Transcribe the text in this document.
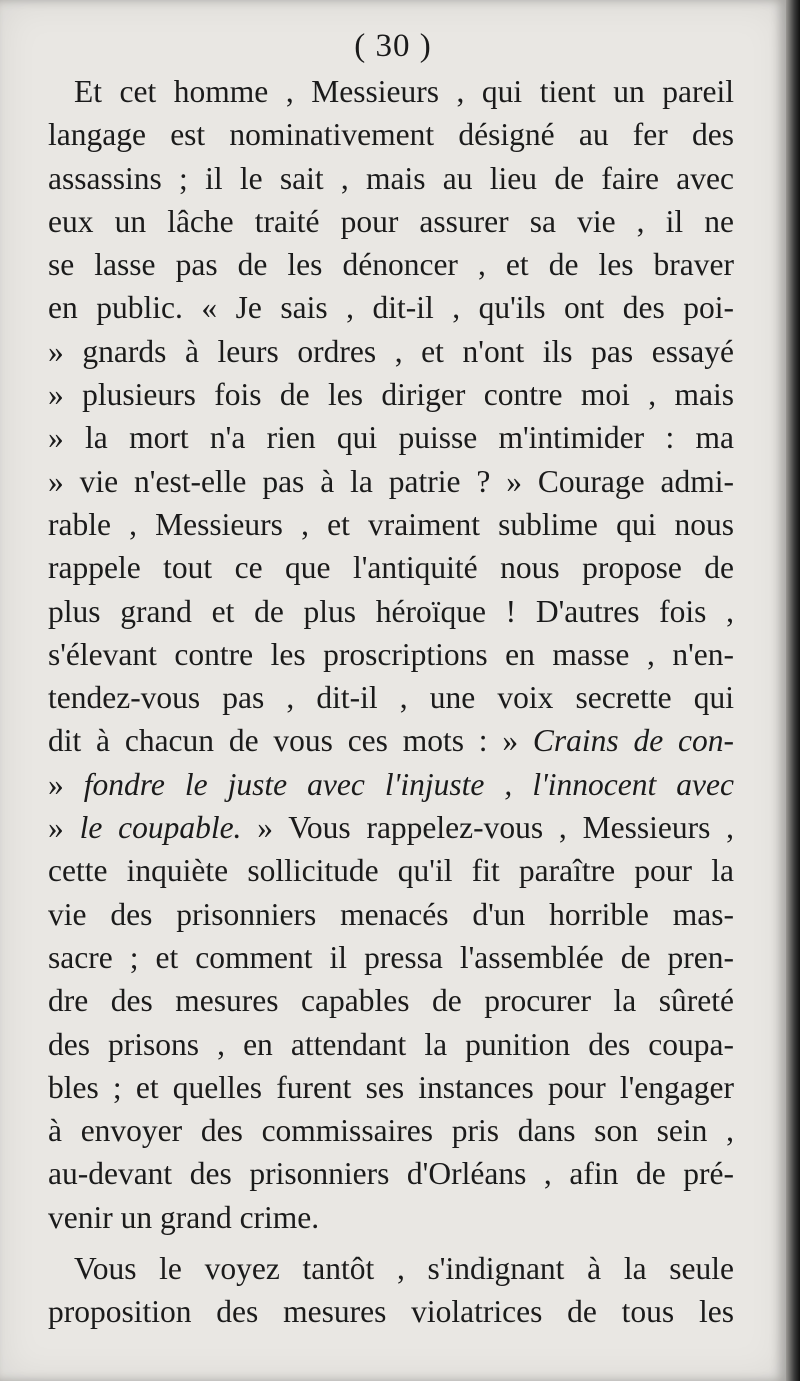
( 30 )
Et cet homme , Messieurs , qui tient un pareil
langage est nominativement désigné au fer des
assassins ; il le sait , mais au lieu de faire avec
eux un lâche traité pour assurer sa vie , il ne
se lasse pas de les dénoncer , et de les braver
en public. « Je sais , dit-il , qu'ils ont des poi-
» gnards à leurs ordres , et n'ont ils pas essayé
» plusieurs fois de les diriger contre moi , mais
» la mort n'a rien qui puisse m'intimider : ma
» vie n'est-elle pas à la patrie ? » Courage admi-
rable , Messieurs , et vraiment sublime qui nous
rappele tout ce que l'antiquité nous propose de
plus grand et de plus héroïque ! D'autres fois ,
s'élevant contre les proscriptions en masse , n'en-
tendez-vous pas , dit-il , une voix secrette qui
dit à chacun de vous ces mots : » Crains de con-
» fondre le juste avec l'injuste , l'innocent avec
» le coupable. » Vous rappelez-vous , Messieurs ,
cette inquiète sollicitude qu'il fit paraître pour la
vie des prisonniers menacés d'un horrible mas-
sacre ; et comment il pressa l'assemblée de pren-
dre des mesures capables de procurer la sûreté
des prisons , en attendant la punition des coupa-
bles ; et quelles furent ses instances pour l'engager
à envoyer des commissaires pris dans son sein ,
au-devant des prisonniers d'Orléans , afin de pré-
venir un grand crime.
Vous le voyez tantôt , s'indignant à la seule
proposition des mesures violatrices de tous les
